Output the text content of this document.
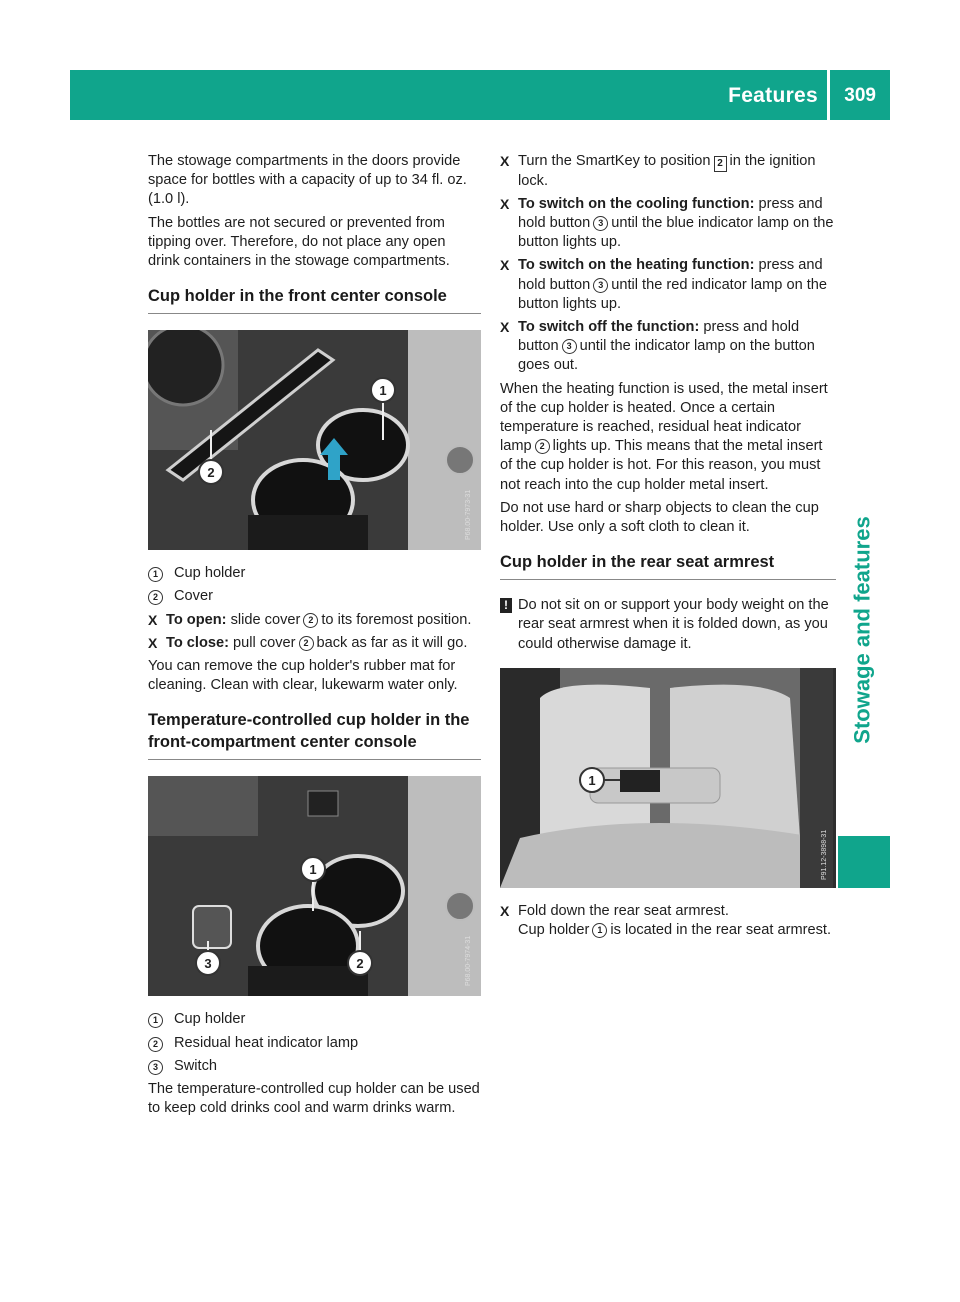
Features 309
Stowage and features

The stowage compartments in the doors provide space for bottles with a capacity of up to 34 fl. oz. (1.0 l).

The bottles are not secured or prevented from tipping over. Therefore, do not place any open drink containers in the stowage compartments.

Cup holder in the front center console
1
2
P68.00-7973-31
1	Cup holder
2	Cover
X To open: slide cover 2 to its foremost position.
X To close: pull cover 2 back as far as it will go.

You can remove the cup holder's rubber mat for cleaning. Clean with clear, lukewarm water only.

Temperature-controlled cup holder in the front-compartment center console
1
2
3	P68.00-7974-31
1	Cup holder
2	Residual heat indicator lamp
3	Switch

The temperature-controlled cup holder can be used to keep cold drinks cool and warm drinks warm.

X Turn the SmartKey to position 2 in the ignition lock.
X To switch on the cooling function: press and hold button 3 until the blue indicator lamp on the button lights up.
X To switch on the heating function: press and hold button 3 until the red indicator lamp on the button lights up.
X To switch off the function: press and hold button 3 until the indicator lamp on the button goes out.

When the heating function is used, the metal insert of the cup holder is heated. Once a certain temperature is reached, residual heat indicator lamp 2 lights up. This means that the metal insert of the cup holder is hot. For this reason, you must not reach into the cup holder metal insert.

Do not use hard or sharp objects to clean the cup holder. Use only a soft cloth to clean it.

Cup holder in the rear seat armrest
! Do not sit on or support your body weight on the rear seat armrest when it is folded down, as you could otherwise damage it.
1
P91.12-3898-31
X Fold down the rear seat armrest.
Cup holder 1 is located in the rear seat armrest.
